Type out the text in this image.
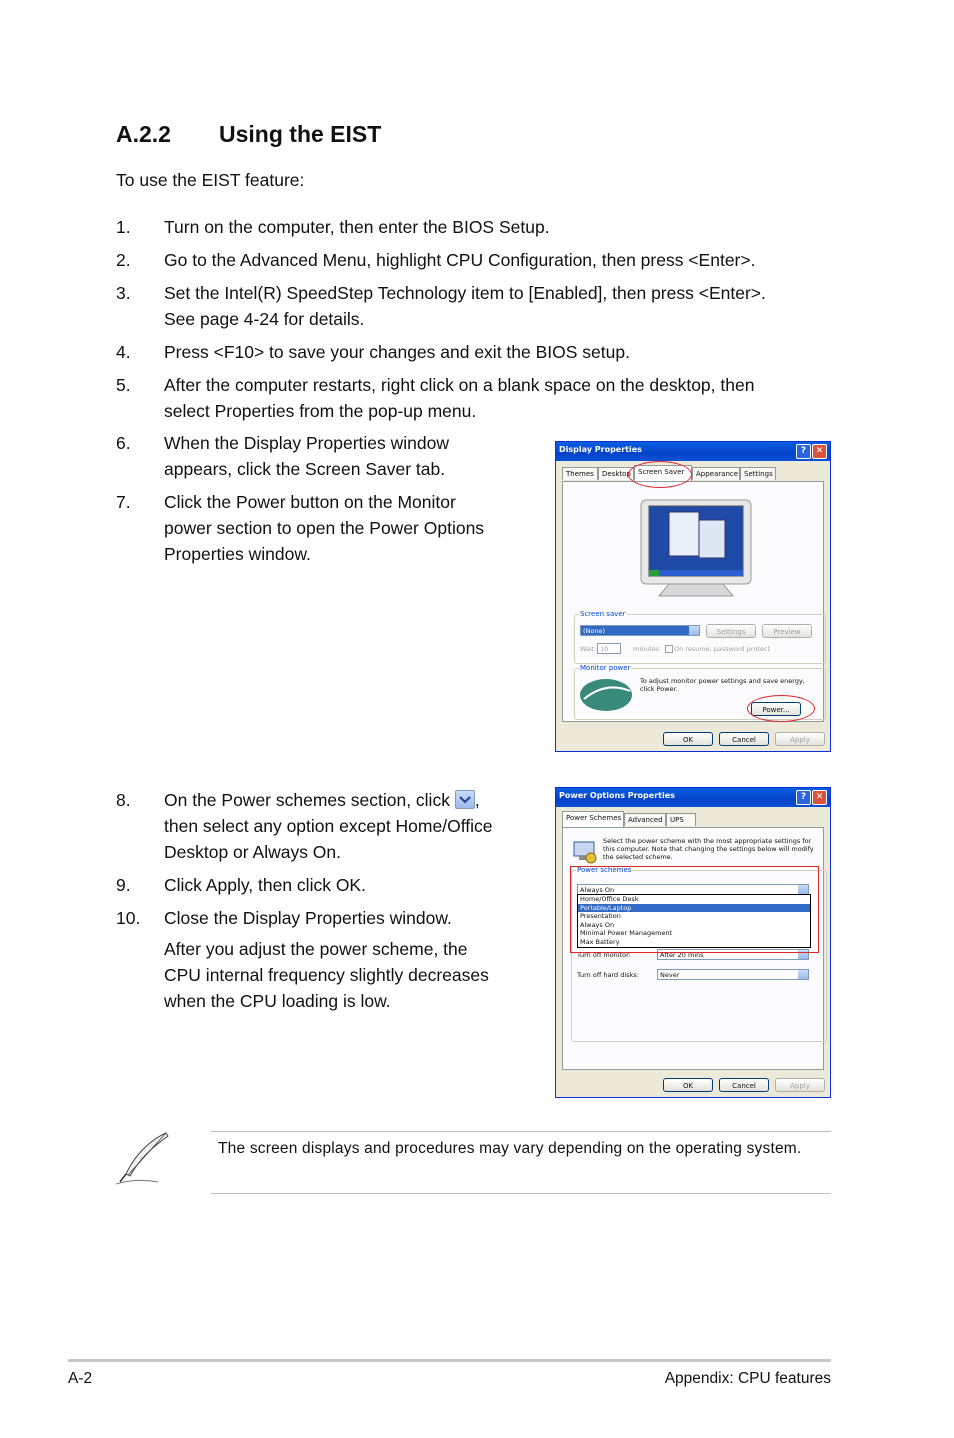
A.2.2 Using the EIST
To use the EIST feature:
1. Turn on the computer, then enter the BIOS Setup.
2. Go to the Advanced Menu, highlight CPU Configuration, then press <Enter>.
3. Set the Intel(R) SpeedStep Technology item to [Enabled], then press <Enter>.
See page 4-24 for details.
4. Press <F10> to save your changes and exit the BIOS setup.
5. After the computer restarts, right click on a blank space on the desktop, then
select Properties from the pop-up menu.
6. When the Display Properties window
appears, click the Screen Saver tab.
7. Click the Power button on the Monitor
power section to open the Power Options
Properties window.
8. On the Power schemes section, click ,
then select any option except Home/Office
Desktop or Always On.
9. Click Apply, then click OK.
10. Close the Display Properties window.
After you adjust the power scheme, the
CPU internal frequency slightly decreases
when the CPU loading is low.
Display Properties	?	✕
Themes	Desktop	Screen Saver	Appearance Settings
Screen saver
(None)	Settings	Preview
Wait: 10	minutes On resume, password protect
Monitor power
To adjust monitor power settings and save energy, click Power.
Power...
OK	Cancel	Apply
Power Options Properties	?	✕
Power Schemes Advanced	UPS
Select the power scheme with the most appropriate settings for this computer. Note that changing the settings below will modify the selected scheme.
Power schemes
Always On
Home/Office Desk
Portable/Laptop
Presentation
Always On
Minimal Power Management
Max Battery
Turn off monitor:	After 20 mins
Turn off hard disks:	Never
OK	Cancel	Apply
The screen displays and procedures may vary depending on the operating system.
A-2	Appendix: CPU features
